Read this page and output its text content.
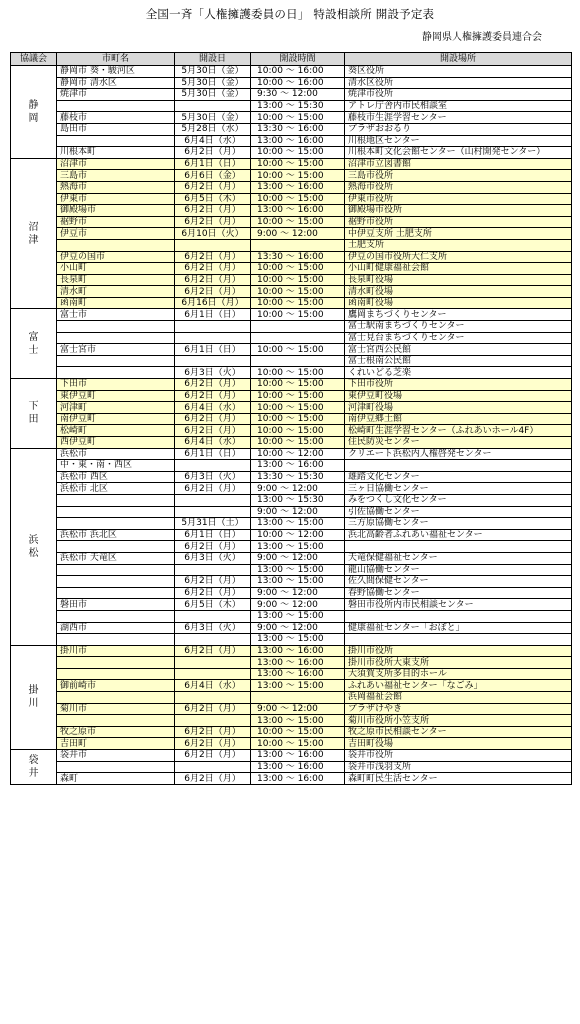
全国一斉「人権擁護委員の日」 特設相談所 開設予定表
静岡県人権擁護委員連合会
協議会	市町名	開設日	開設時間	開設場所
静
岡	静岡市 葵・駿河区	5月30日（金）	10:00 ～ 16:00	葵区役所
	静岡市 清水区	5月30日（金）	10:00 ～ 16:00	清水区役所
	焼津市	5月30日（金）	9:30 ～ 12:00	焼津市役所
			13:00 ～ 15:30	アトレ庁舎内市民相談室
	藤枝市	5月30日（金）	10:00 ～ 15:00	藤枝市生涯学習センター
	島田市	5月28日（水）	13:30 ～ 16:00	プラザおおるり
		6月4日（水）	13:00 ～ 16:00	川根地区センター
	川根本町	6月2日（月）	10:00 ～ 15:00	川根本町文化会館センター（山村開発センター）
沼
津	沼津市	6月1日（日）	10:00 ～ 15:00	沼津市立図書館
	三島市	6月6日（金）	10:00 ～ 15:00	三島市役所
	熱海市	6月2日（月）	13:00 ～ 16:00	熱海市役所
	伊東市	6月5日（木）	10:00 ～ 15:00	伊東市役所
	御殿場市	6月2日（月）	13:00 ～ 16:00	御殿場市役所
	裾野市	6月2日（月）	10:00 ～ 15:00	裾野市役所
	伊豆市	6月10日（火）	9:00 ～ 12:00	中伊豆支所 土肥支所
				土肥支所
	伊豆の国市	6月2日（月）	13:30 ～ 16:00	伊豆の国市役所大仁支所
	小山町	6月2日（月）	10:00 ～ 15:00	小山町健康福祉会館
	長泉町	6月2日（月）	10:00 ～ 15:00	長泉町役場
	清水町	6月2日（月）	10:00 ～ 15:00	清水町役場
	函南町	6月16日（月）	10:00 ～ 15:00	函南町役場
富
士	富士市	6月1日（日）	10:00 ～ 15:00	鷹岡まちづくりセンター
				富士駅南まちづくりセンター
				富士見台まちづくりセンター
	富士宮市	6月1日（日）	10:00 ～ 15:00	富士宮西公民館
				富士根南公民館
		6月3日（火）	10:00 ～ 15:00	くれいどる芝楽
下
田	下田市	6月2日（月）	10:00 ～ 15:00	下田市役所
	東伊豆町	6月2日（月）	10:00 ～ 15:00	東伊豆町役場
	河津町	6月4日（水）	10:00 ～ 15:00	河津町役場
	南伊豆町	6月2日（月）	10:00 ～ 15:00	南伊豆郷土館
	松崎町	6月2日（月）	10:00 ～ 15:00	松崎町生涯学習センター（ふれあいホール4F）
	西伊豆町	6月4日（水）	10:00 ～ 15:00	住民防災センター
浜
松	浜松市	6月1日（日）	10:00 ～ 12:00	クリエート浜松内人権啓発センター
	中・東・南・西区		13:00 ～ 16:00	
	浜松市 西区	6月3日（火）	13:30 ～ 15:30	雄踏文化センター
	浜松市 北区	6月2日（月）	9:00 ～ 12:00	三ヶ日協働センター
			13:00 ～ 15:30	みをつくし文化センター
			9:00 ～ 12:00	引佐協働センター
		5月31日（土）	13:00 ～ 15:00	三方原協働センター
	浜松市 浜北区	6月1日（日）	10:00 ～ 12:00	浜北高齢者ふれあい福祉センター
		6月2日（月）	13:00 ～ 15:00	
	浜松市 天竜区	6月3日（火）	9:00 ～ 12:00	天竜保健福祉センター
			13:00 ～ 15:00	龍山協働センター
		6月2日（月）	13:00 ～ 15:00	佐久間保健センター
		6月2日（月）	9:00 ～ 12:00	春野協働センター
	磐田市	6月5日（木）	9:00 ～ 12:00	磐田市役所内市民相談センター
			13:00 ～ 15:00	
	湖西市	6月3日（火）	9:00 ～ 12:00	健康福祉センター「おぼと」
			13:00 ～ 15:00	
掛
川	掛川市	6月2日（月）	13:00 ～ 16:00	掛川市役所
			13:00 ～ 16:00	掛川市役所大東支所
			13:00 ～ 16:00	大須賀支所多目的ホール
	御前崎市	6月4日（水）	13:00 ～ 15:00	ふれあい福祉センター「なごみ」
				浜岡福祉会館
	菊川市	6月2日（月）	9:00 ～ 12:00	プラザけやき
			13:00 ～ 15:00	菊川市役所小笠支所
	牧之原市	6月2日（月）	10:00 ～ 15:00	牧之原市民相談センター
	吉田町	6月2日（月）	10:00 ～ 15:00	吉田町役場
袋
井	袋井市	6月2日（月）	13:00 ～ 16:00	袋井市役所
			13:00 ～ 16:00	袋井市浅羽支所
	森町	6月2日（月）	13:00 ～ 16:00	森町町民生活センター
